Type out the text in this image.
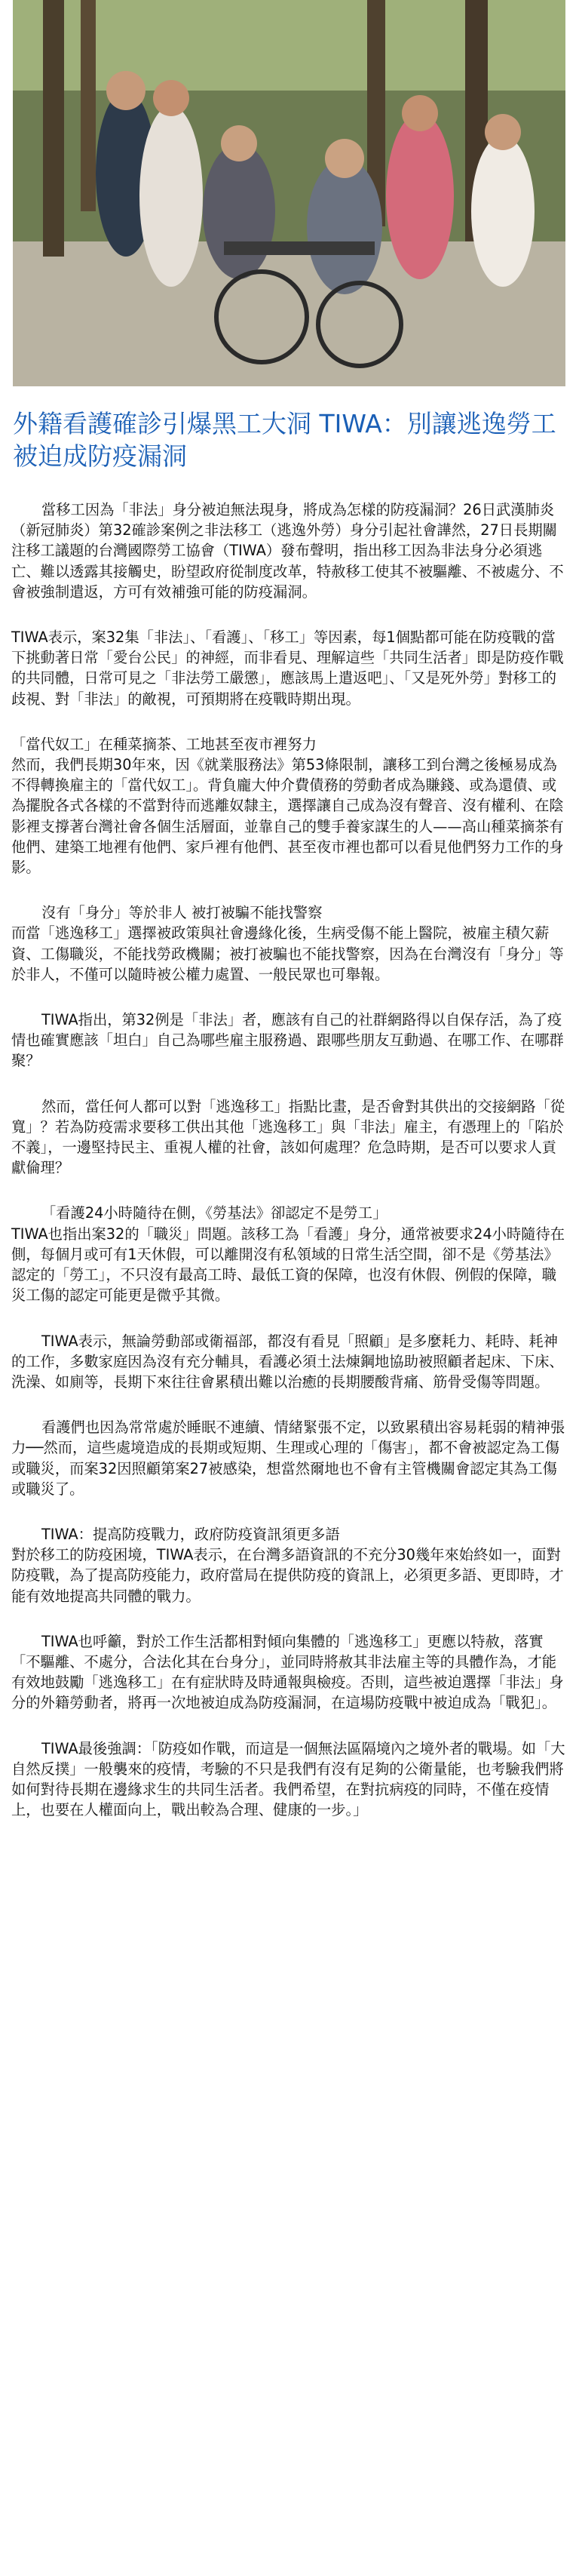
外籍看護確診引爆黑工大洞 TIWA：別讓逃逸勞工被迫成防疫漏洞

當移工因為「非法」身分被迫無法現身，將成為怎樣的防疫漏洞？26日武漢肺炎（新冠肺炎）第32確診案例之非法移工（逃逸外勞）身分引起社會譁然，27日長期關注移工議題的台灣國際勞工協會（TIWA）發布聲明，指出移工因為非法身分必須逃亡、難以透露其接觸史，盼望政府從制度改革，特赦移工使其不被驅離、不被處分、不會被強制遣返，方可有效補強可能的防疫漏洞。

TIWA表示，案32集「非法」、「看護」、「移工」等因素，每1個點都可能在防疫戰的當下挑動著日常「愛台公民」的神經，而非看見、理解這些「共同生活者」即是防疫作戰的共同體，日常可見之「非法勞工嚴懲」，應該馬上遣返吧」、「又是死外勞」對移工的歧視、對「非法」的敵視，可預期將在疫戰時期出現。

「當代奴工」在種菜摘茶、工地甚至夜市裡努力
然而，我們長期30年來，因《就業服務法》第53條限制，讓移工到台灣之後極易成為不得轉換雇主的「當代奴工」。背負龐大仲介費債務的勞動者成為賺錢、或為還債、或為擺脫各式各樣的不當對待而逃離奴隸主，選擇讓自己成為沒有聲音、沒有權利、在陰影裡支撐著台灣社會各個生活層面，並靠自己的雙手養家謀生的人——高山種菜摘茶有他們、建築工地裡有他們、家戶裡有他們、甚至夜市裡也都可以看見他們努力工作的身影。
沒有「身分」等於非人 被打被騙不能找警察
而當「逃逸移工」選擇被政策與社會邊緣化後，生病受傷不能上醫院，被雇主積欠薪資、工傷職災，不能找勞政機關；被打被騙也不能找警察，因為在台灣沒有「身分」等於非人，不僅可以隨時被公權力處置、一般民眾也可舉報。

TIWA指出，第32例是「非法」者，應該有自己的社群網路得以自保存活，為了疫情也確實應該「坦白」自己為哪些雇主服務過、跟哪些朋友互動過、在哪工作、在哪群聚？

然而，當任何人都可以對「逃逸移工」指點比畫，是否會對其供出的交接網路「從寬」？若為防疫需求要移工供出其他「逃逸移工」與「非法」雇主，有憑理上的「陷於不義」，一邊堅持民主、重視人權的社會，該如何處理？危急時期，是否可以要求人貢獻倫理？

「看護24小時隨待在側，《勞基法》卻認定不是勞工」
TIWA也指出案32的「職災」問題。該移工為「看護」身分，通常被要求24小時隨待在側，每個月或可有1天休假，可以離開沒有私領域的日常生活空間，卻不是《勞基法》認定的「勞工」，不只沒有最高工時、最低工資的保障，也沒有休假、例假的保障，職災工傷的認定可能更是微乎其微。

TIWA表示，無論勞動部或衛福部，都沒有看見「照顧」是多麼耗力、耗時、耗神的工作，多數家庭因為沒有充分輔具，看護必須土法煉鋼地協助被照顧者起床、下床、洗澡、如廁等，長期下來往往會累積出難以治癒的長期腰酸背痛、筋骨受傷等問題。

看護們也因為常常處於睡眠不連續、情緒緊張不定，以致累積出容易耗弱的精神張力──然而，這些處境造成的長期或短期、生理或心理的「傷害」，都不會被認定為工傷或職災，而案32因照顧第案27被感染，想當然爾地也不會有主管機關會認定其為工傷或職災了。

TIWA：提高防疫戰力，政府防疫資訊須更多語
對於移工的防疫困境，TIWA表示，在台灣多語資訊的不充分30幾年來始終如一，面對防疫戰，為了提高防疫能力，政府當局在提供防疫的資訊上，必須更多語、更即時，才能有效地提高共同體的戰力。

TIWA也呼籲，對於工作生活都相對傾向集體的「逃逸移工」更應以特赦，落實「不驅離、不處分，合法化其在台身分」，並同時將赦其非法雇主等的具體作為，才能有效地鼓勵「逃逸移工」在有症狀時及時通報與檢疫。否則，這些被迫選擇「非法」身分的外籍勞動者，將再一次地被迫成為防疫漏洞，在這場防疫戰中被迫成為「戰犯」。

TIWA最後強調：「防疫如作戰，而這是一個無法區隔境內之境外者的戰場。如「大自然反撲」一般襲來的疫情，考驗的不只是我們有沒有足夠的公衛量能，也考驗我們將如何對待長期在邊緣求生的共同生活者。我們希望，在對抗病疫的同時，不僅在疫情上，也要在人權面向上，戰出較為合理、健康的一步。」
